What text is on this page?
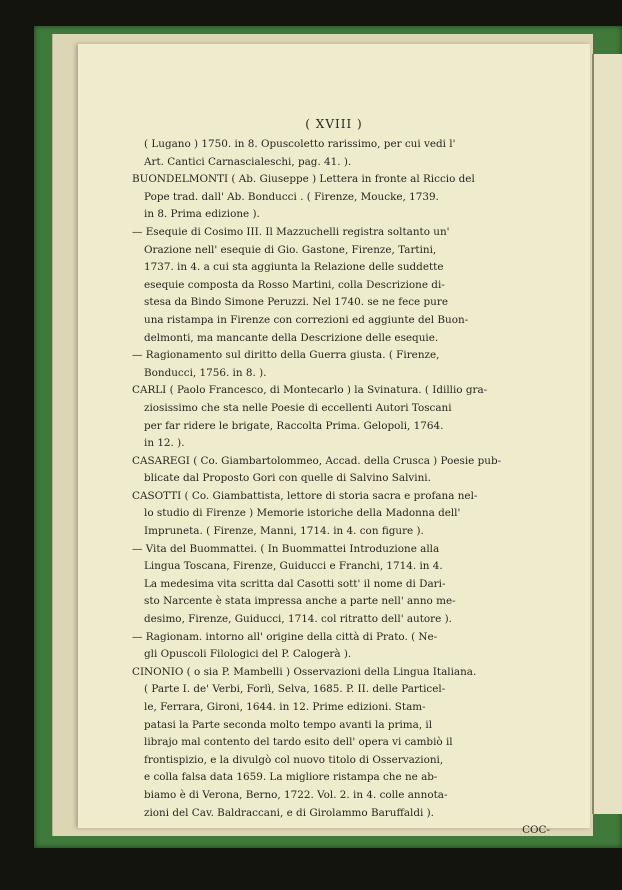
( XVIII )
( Lugano ) 1750. in 8. Opuscoletto rarissimo, per cui vedi l'
Art. Cantici Carnascialeschi, pag. 41. ).
BUONDELMONTI ( Ab. Giuseppe ) Lettera in fronte al Riccio del
Pope trad. dall' Ab. Bonducci . ( Firenze, Moucke, 1739.
in 8. Prima edizione ).
— Esequie di Cosimo III. Il Mazzuchelli registra soltanto un'
Orazione nell' esequie di Gio. Gastone, Firenze, Tartini,
1737. in 4. a cui sta aggiunta la Relazione delle suddette
esequie composta da Rosso Martini, colla Descrizione di-
stesa da Bindo Simone Peruzzi. Nel 1740. se ne fece pure
una ristampa in Firenze con correzioni ed aggiunte del Buon-
delmonti, ma mancante della Descrizione delle esequie.
— Ragionamento sul diritto della Guerra giusta. ( Firenze,
Bonducci, 1756. in 8. ).
CARLI ( Paolo Francesco, di Montecarlo ) la Svinatura. ( Idillio gra-
ziosissimo che sta nelle Poesie di eccellenti Autori Toscani
per far ridere le brigate, Raccolta Prima. Gelopoli, 1764.
in 12. ).
CASAREGI ( Co. Giambartolommeo, Accad. della Crusca ) Poesie pub-
blicate dal Proposto Gori con quelle di Salvino Salvini.
CASOTTI ( Co. Giambattista, lettore di storia sacra e profana nel-
lo studio di Firenze ) Memorie istoriche della Madonna dell'
Impruneta. ( Firenze, Manni, 1714. in 4. con figure ).
— Vita del Buommattei. ( In Buommattei Introduzione alla
Lingua Toscana, Firenze, Guiducci e Franchi, 1714. in 4.
La medesima vita scritta dal Casotti sott' il nome di Dari-
sto Narcente è stata impressa anche a parte nell' anno me-
desimo, Firenze, Guiducci, 1714. col ritratto dell' autore ).
— Ragionam. intorno all' origine della città di Prato. ( Ne-
gli Opuscoli Filologici del P. Calogerà ).
CINONIO ( o sia P. Mambelli ) Osservazioni della Lingua Italiana.
( Parte I. de' Verbi, Forlì, Selva, 1685. P. II. delle Particel-
le, Ferrara, Gironi, 1644. in 12. Prime edizioni. Stam-
patasi la Parte seconda molto tempo avanti la prima, il
librajo mal contento del tardo esito dell' opera vi cambiò il
frontispizio, e la divulgò col nuovo titolo di Osservazioni,
e colla falsa data 1659. La migliore ristampa che ne ab-
biamo è di Verona, Berno, 1722. Vol. 2. in 4. colle annota-
zioni del Cav. Baldraccani, e di Girolammo Baruffaldi ).
COC-
